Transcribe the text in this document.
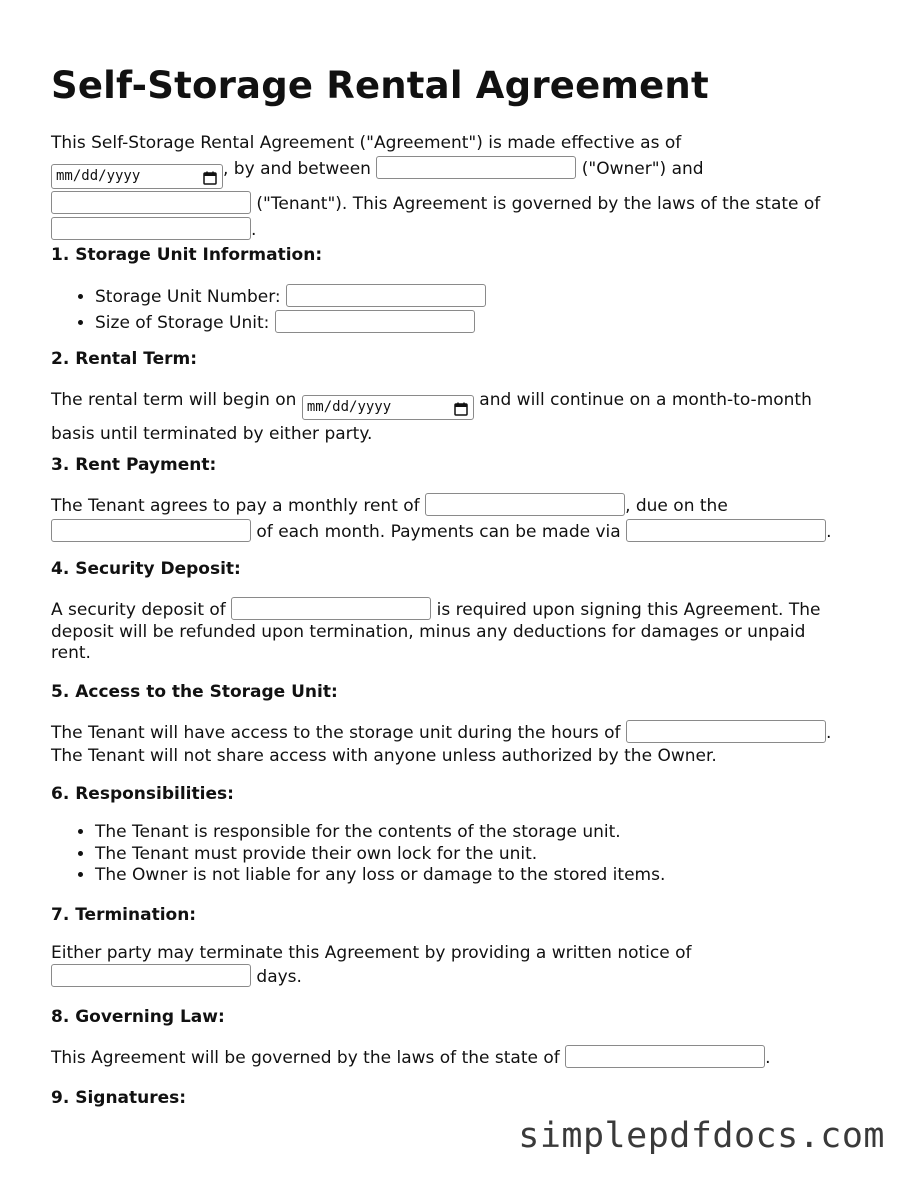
Self-Storage Rental Agreement

This Self-Storage Rental Agreement ("Agreement") is made effective as of

mm/dd/yyyy	, by and between	("Owner") and

("Tenant"). This Agreement is governed by the laws of the state of

.

1. Storage Unit Information:
• Storage Unit Number:
• Size of Storage Unit:
2. Rental Term:

The rental term will begin on mm/dd/yyyy	and will continue on a month-to-month

basis until terminated by either party.

3. Rent Payment:

The Tenant agrees to pay a monthly rent of	, due on the

of each month. Payments can be made via	.

4. Security Deposit:

A security deposit of	is required upon signing this Agreement. The

deposit will be refunded upon termination, minus any deductions for damages or unpaid

rent.

5. Access to the Storage Unit:

The Tenant will have access to the storage unit during the hours of	.

The Tenant will not share access with anyone unless authorized by the Owner.

6. Responsibilities:
• The Tenant is responsible for the contents of the storage unit.
• The Tenant must provide their own lock for the unit.
• The Owner is not liable for any loss or damage to the stored items.
7. Termination:

Either party may terminate this Agreement by providing a written notice of

days.

8. Governing Law:

This Agreement will be governed by the laws of the state of	.

9. Signatures:
simplepdfdocs.com
